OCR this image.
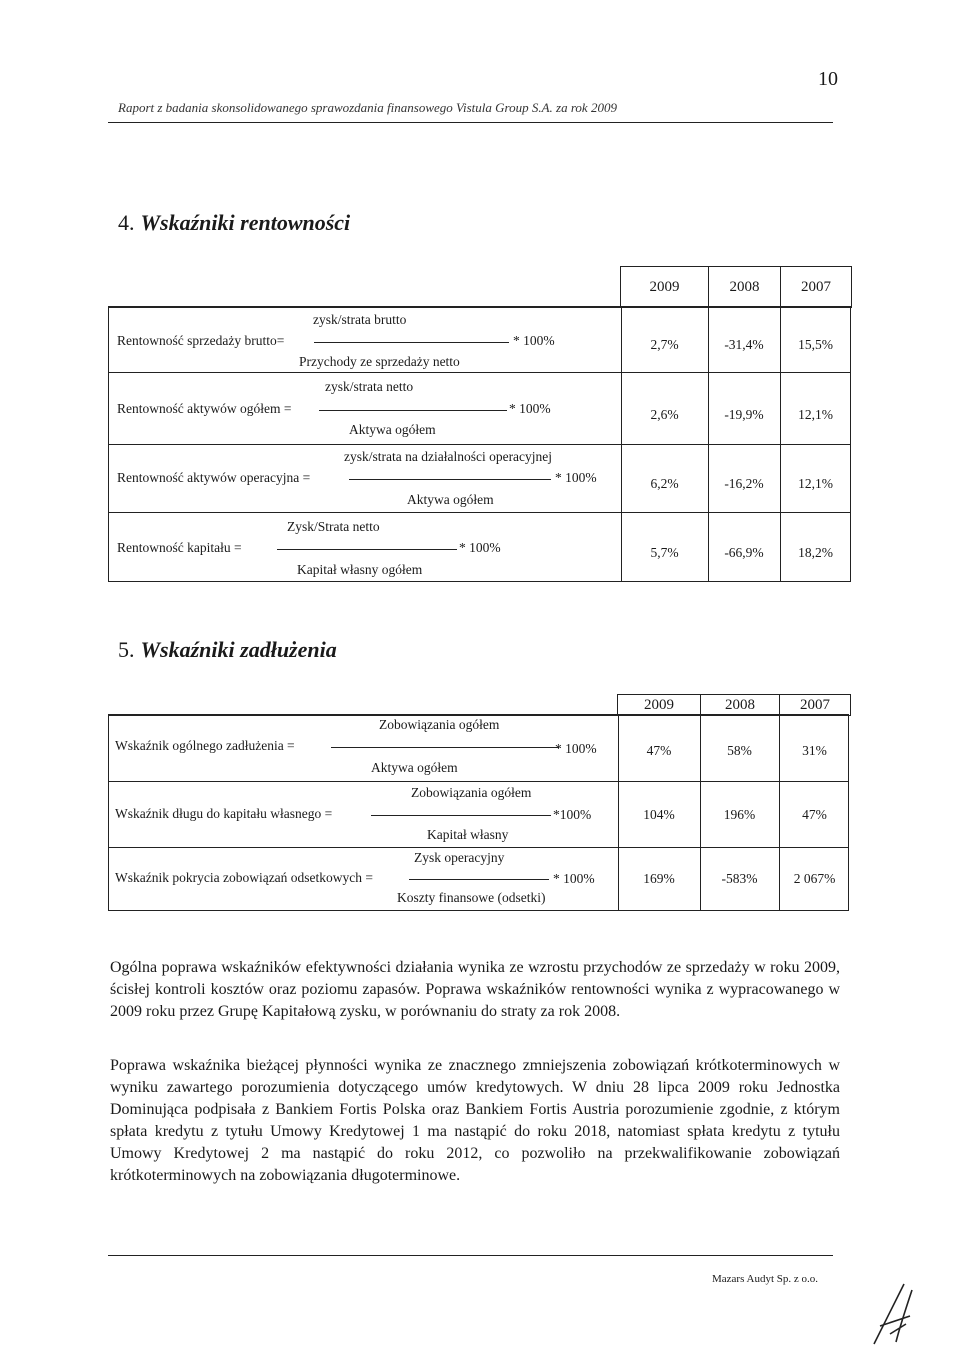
10
Raport z badania skonsolidowanego sprawozdania finansowego Vistula Group S.A. za rok 2009
4. Wskaźniki rentowności
2009	2008	2007
zysk/strata brutto
Rentowność sprzedaży brutto=	* 100%
Przychody ze sprzedaży netto
2,7%	-31,4%	15,5%
zysk/strata netto
Rentowność aktywów ogółem =	* 100%
Aktywa ogółem
2,6%	-19,9%	12,1%
zysk/strata na działalności operacyjnej
Rentowność aktywów operacyjna =	* 100%
Aktywa ogółem
6,2%	-16,2%	12,1%
Zysk/Strata netto
Rentowność kapitału =	* 100%
Kapitał własny ogółem
5,7%	-66,9%	18,2%
5. Wskaźniki zadłużenia
2009	2008	2007
Zobowiązania ogółem
Wskaźnik ogólnego zadłużenia =	* 100%
Aktywa ogółem
47%	58%	31%
Zobowiązania ogółem
Wskaźnik długu do kapitału własnego =	*100%
Kapitał własny
104%	196%	47%
Zysk operacyjny
Wskaźnik pokrycia zobowiązań odsetkowych =	* 100%
Koszty finansowe (odsetki)
169%	-583%	2 067%
Ogólna poprawa wskaźników efektywności działania wynika ze wzrostu przychodów ze sprzedaży w roku 2009, ścisłej kontroli kosztów oraz poziomu zapasów. Poprawa wskaźników rentowności wynika z wypracowanego w 2009 roku przez Grupę Kapitałową zysku, w porównaniu do straty za rok 2008.
Poprawa wskaźnika bieżącej płynności wynika ze znacznego zmniejszenia zobowiązań krótkoterminowych w wyniku zawartego porozumienia dotyczącego umów kredytowych. W dniu 28 lipca 2009 roku Jednostka Dominująca podpisała z Bankiem Fortis Polska oraz Bankiem Fortis Austria porozumienie zgodnie, z którym spłata kredytu z tytułu Umowy Kredytowej 1 ma nastąpić do roku 2018, natomiast spłata kredytu z tytułu Umowy Kredytowej 2 ma nastąpić do roku 2012, co pozwoliło na przekwalifikowanie zobowiązań krótkoterminowych na zobowiązania długoterminowe.
Mazars Audyt Sp. z o.o.
